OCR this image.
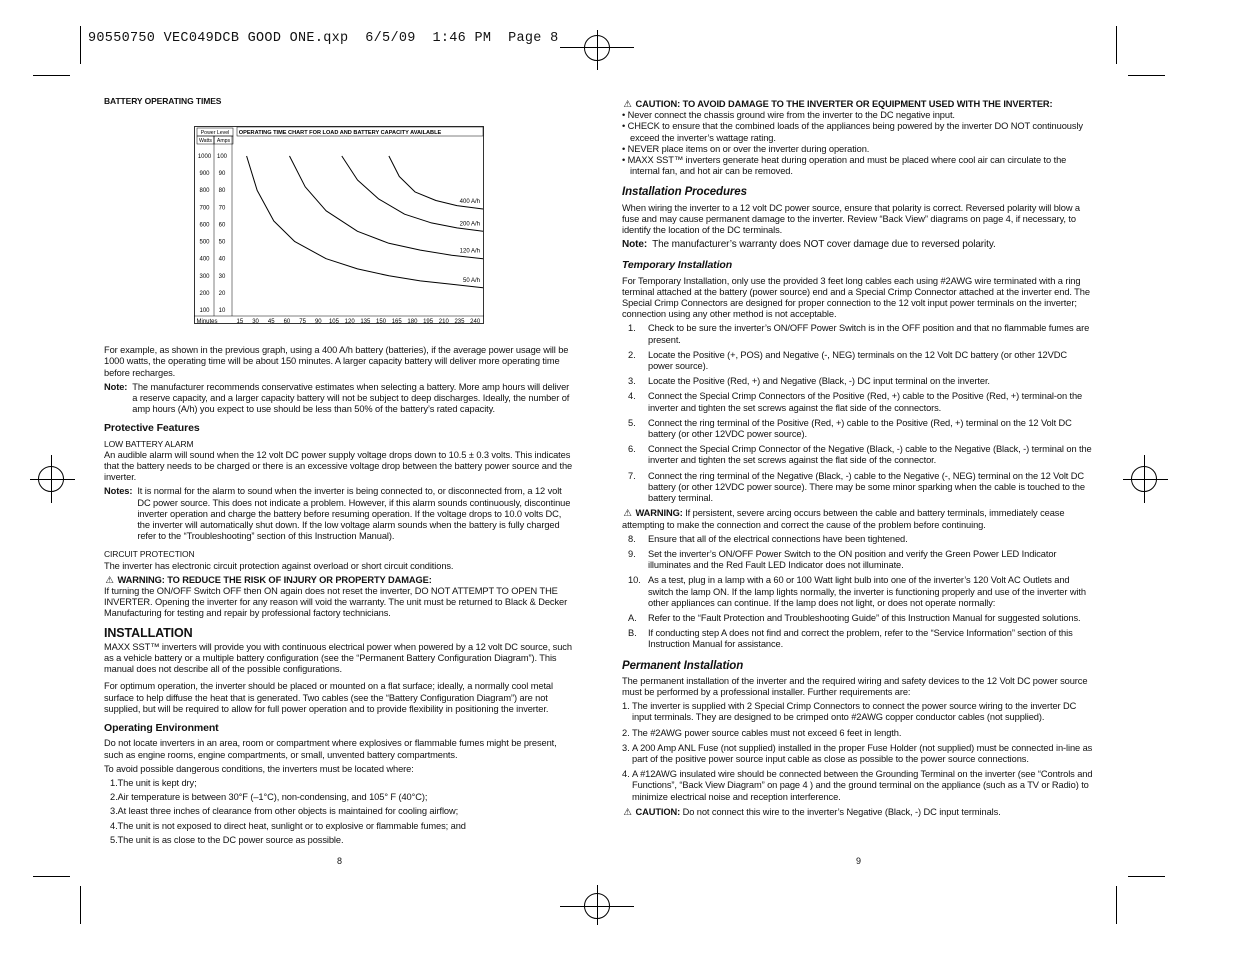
90550750 VEC049DCB GOOD ONE.qxp  6/5/09  1:46 PM  Page 8
BATTERY OPERATING TIMES

For example, as shown in the previous graph, using a 400 A/h battery (batteries), if the average power usage will be 1000 watts, the operating time will be about 150 minutes. A larger capacity battery will deliver more operating time before recharges.

Note: The manufacturer recommends conservative estimates when selecting a battery. More amp hours will deliver a reserve capacity, and a larger capacity battery will not be subject to deep discharges. Ideally, the number of amp hours (A/h) you expect to use should be less than 50% of the battery’s rated capacity.
Protective Features
LOW BATTERY ALARM

An audible alarm will sound when the 12 volt DC power supply voltage drops down to 10.5 ± 0.3 volts. This indicates that the battery needs to be charged or there is an excessive voltage drop between the battery power source and the inverter.

Notes: It is normal for the alarm to sound when the inverter is being connected to, or disconnected from, a 12 volt DC power source. This does not indicate a problem. However, if this alarm sounds continuously, discontinue inverter operation and charge the battery before resuming operation. If the voltage drops to 10.0 volts DC, the inverter will automatically shut down. If the low voltage alarm sounds when the battery is fully charged refer to the “Troubleshooting” section of this Instruction Manual).
CIRCUIT PROTECTION

The inverter has electronic circuit protection against overload or short circuit conditions.

⚠ WARNING: TO REDUCE THE RISK OF INJURY OR PROPERTY DAMAGE:

If turning the ON/OFF Switch OFF then ON again does not reset the inverter, DO NOT ATTEMPT TO OPEN THE INVERTER. Opening the inverter for any reason will void the warranty. The unit must be returned to Black & Decker Manufacturing for testing and repair by professional factory technicians.

INSTALLATION

MAXX SST™ inverters will provide you with continuous electrical power when powered by a 12 volt DC source, such as a vehicle battery or a multiple battery configuration (see the “Permanent Battery Configuration Diagram”). This manual does not describe all of the possible configurations.

For optimum operation, the inverter should be placed or mounted on a flat surface; ideally, a normally cool metal surface to help diffuse the heat that is generated. Two cables (see the “Battery Configuration Diagram”) are not supplied, but will be required to allow for full power operation and to provide flexibility in positioning the inverter.

Operating Environment

Do not locate inverters in an area, room or compartment where explosives or flammable fumes might be present, such as engine rooms, engine compartments, or small, unvented battery compartments.

To avoid possible dangerous conditions, the inverters must be located where:

1.The unit is kept dry;
2.Air temperature is between 30°F (–1°C), non-condensing, and 105° F (40°C);
3.At least three inches of clearance from other objects is maintained for cooling airflow;
4.The unit is not exposed to direct heat, sunlight or to explosive or flammable fumes; and
5.The unit is as close to the DC power source as possible.
8
Power Level
Watts Amps
OPERATING TIME CHART FOR LOAD AND BATTERY CAPACITY AVAILABLE
Minutes
100
200
300
400
500
600
700
800
900
1000
10
20
30
40
50
60
70
80
90
100
15 30 45 60 75 90 105 120 135 150 165 180 195 210 235 240
50 A/h
120 A/h
200 A/h
400 A/h
⚠ CAUTION: TO AVOID DAMAGE TO THE INVERTER OR EQUIPMENT USED WITH THE INVERTER:
• Never connect the chassis ground wire from the inverter to the DC negative input.
• CHECK to ensure that the combined loads of the appliances being powered by the inverter DO NOT continuously exceed the inverter’s wattage rating.
• NEVER place items on or over the inverter during operation.
• MAXX SST™ inverters generate heat during operation and must be placed where cool air can circulate to the internal fan, and hot air can be removed.
Installation Procedures

When wiring the inverter to a 12 volt DC power source, ensure that polarity is correct. Reversed polarity will blow a fuse and may cause permanent damage to the inverter. Review “Back View” diagrams on page 4, if necessary, to identify the location of the DC terminals.

Note: The manufacturer’s warranty does NOT cover damage due to reversed polarity.
Temporary Installation

For Temporary Installation, only use the provided 3 feet long cables each using #2AWG wire terminated with a ring terminal attached at the battery (power source) end and a Special Crimp Connector attached at the inverter end. The Special Crimp Connectors are designed for proper connection to the 12 volt input power terminals on the inverter; connection using any other method is not acceptable.

1.	Check to be sure the inverter’s ON/OFF Power Switch is in the OFF position and that no flammable fumes are present.
2.	Locate the Positive (+, POS) and Negative (-, NEG) terminals on the 12 Volt DC battery (or other 12VDC power source).
3.	Locate the Positive (Red, +) and Negative (Black, -) DC input terminal on the inverter.
4.	Connect the Special Crimp Connectors of the Positive (Red, +) cable to the Positive (Red, +) terminal-on the inverter and tighten the set screws against the flat side of the connectors.
5.	Connect the ring terminal of the Positive (Red, +) cable to the Positive (Red, +) terminal on the 12 Volt DC battery (or other 12VDC power source).
6.	Connect the Special Crimp Connector of the Negative (Black, -) cable to the Negative (Black, -) terminal on the inverter and tighten the set screws against the flat side of the connector.
7.	Connect the ring terminal of the Negative (Black, -) cable to the Negative (-, NEG) terminal on the 12 Volt DC battery (or other 12VDC power source). There may be some minor sparking when the cable is touched to the battery terminal.

⚠ WARNING: If persistent, severe arcing occurs between the cable and battery terminals, immediately cease attempting to make the connection and correct the cause of the problem before continuing.

8.	Ensure that all of the electrical connections have been tightened.
9.	Set the inverter’s ON/OFF Power Switch to the ON position and verify the Green Power LED Indicator illuminates and the Red Fault LED Indicator does not illuminate.
10. As a test, plug in a lamp with a 60 or 100 Watt light bulb into one of the inverter’s 120 Volt AC Outlets and switch the lamp ON. If the lamp lights normally, the inverter is functioning properly and use of the inverter with other appliances can continue. If the lamp does not light, or does not operate normally:
A.	Refer to the “Fault Protection and Troubleshooting Guide” of this Instruction Manual for suggested solutions.
B.	If conducting step A does not find and correct the problem, refer to the “Service Information” section of this Instruction Manual for assistance.
Permanent Installation

The permanent installation of the inverter and the required wiring and safety devices to the 12 Volt DC power source must be performed by a professional installer. Further requirements are:

1. The inverter is supplied with 2 Special Crimp Connectors to connect the power source wiring to the inverter DC input terminals. They are designed to be crimped onto #2AWG copper conductor cables (not supplied).
2. The #2AWG power source cables must not exceed 6 feet in length.
3. A 200 Amp ANL Fuse (not supplied) installed in the proper Fuse Holder (not supplied) must be connected in-line as part of the positive power source input cable as close as possible to the power source connections.
4. A #12AWG insulated wire should be connected between the Grounding Terminal on the inverter (see “Controls and Functions”, “Back View Diagram” on page 4 ) and the ground terminal on the appliance (such as a TV or Radio) to minimize electrical noise and reception interference.

⚠ CAUTION: Do not connect this wire to the inverter’s Negative (Black, -) DC input terminals.

9
